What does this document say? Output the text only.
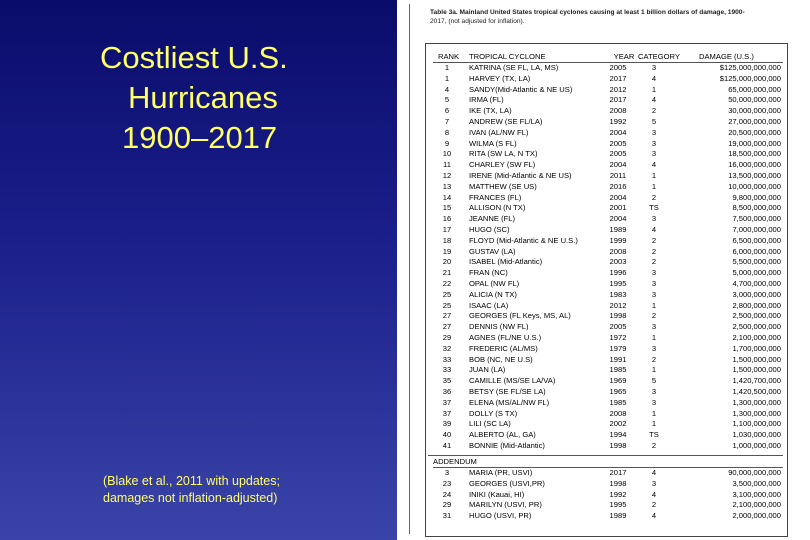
Costliest U.S.
Hurricanes
1900–2017
(Blake et al., 2011 with updates;
damages not inflation-adjusted)
Table 3a. Mainland United States tropical cyclones causing at least 1 billion dollars of damage, 1900-
2017, (not adjusted for inflation).
RANK	TROPICAL CYCLONE	YEAR CATEGORY	DAMAGE (U.S.)
1	KATRINA (SE FL, LA, MS)	2005	3	$125,000,000,000
1	HARVEY (TX, LA)	2017	4	$125,000,000,000
4	SANDY(Mid-Atlantic & NE US)	2012	1	65,000,000,000
5	IRMA (FL)	2017	4	50,000,000,000
6	IKE (TX, LA)	2008	2	30,000,000,000
7	ANDREW (SE FL/LA)	1992	5	27,000,000,000
8	IVAN (AL/NW FL)	2004	3	20,500,000,000
9	WILMA (S FL)	2005	3	19,000,000,000
10	RITA (SW LA, N TX)	2005	3	18,500,000,000
11	CHARLEY (SW FL)	2004	4	16,000,000,000
12	IRENE (Mid-Atlantic & NE US)	2011	1	13,500,000,000
13	MATTHEW (SE US)	2016	1	10,000,000,000
14	FRANCES (FL)	2004	2	9,800,000,000
15	ALLISON (N TX)	2001	TS	8,500,000,000
16	JEANNE (FL)	2004	3	7,500,000,000
17	HUGO (SC)	1989	4	7,000,000,000
18	FLOYD (Mid-Atlantic & NE U.S.)	1999	2	6,500,000,000
19	GUSTAV (LA)	2008	2	6,000,000,000
20	ISABEL (Mid-Atlantic)	2003	2	5,500,000,000
21	FRAN (NC)	1996	3	5,000,000,000
22	OPAL (NW FL)	1995	3	4,700,000,000
25	ALICIA (N TX)	1983	3	3,000,000,000
25	ISAAC (LA)	2012	1	2,800,000,000
27	GEORGES (FL Keys, MS, AL)	1998	2	2,500,000,000
27	DENNIS (NW FL)	2005	3	2,500,000,000
29	AGNES (FL/NE U.S.)	1972	1	2,100,000,000
32	FREDERIC (AL/MS)	1979	3	1,700,000,000
33	BOB (NC, NE U.S)	1991	2	1,500,000,000
33	JUAN (LA)	1985	1	1,500,000,000
35	CAMILLE (MS/SE LA/VA)	1969	5	1,420,700,000
36	BETSY (SE FL/SE LA)	1965	3	1,420,500,000
37	ELENA (MS/AL/NW FL)	1985	3	1,300,000,000
37	DOLLY (S TX)	2008	1	1,300,000,000
39	LILI (SC LA)	2002	1	1,100,000,000
40	ALBERTO (AL, GA)	1994	TS	1,030,000,000
41	BONNIE (Mid-Atlantic)	1998	2	1,000,000,000
ADDENDUM
3	MARIA (PR, USVI)	2017	4	90,000,000,000
23	GEORGES (USVI,PR)	1998	3	3,500,000,000
24	INIKI (Kauai, HI)	1992	4	3,100,000,000
29	MARILYN (USVI, PR)	1995	2	2,100,000,000
31	HUGO (USVI, PR)	1989	4	2,000,000,000
